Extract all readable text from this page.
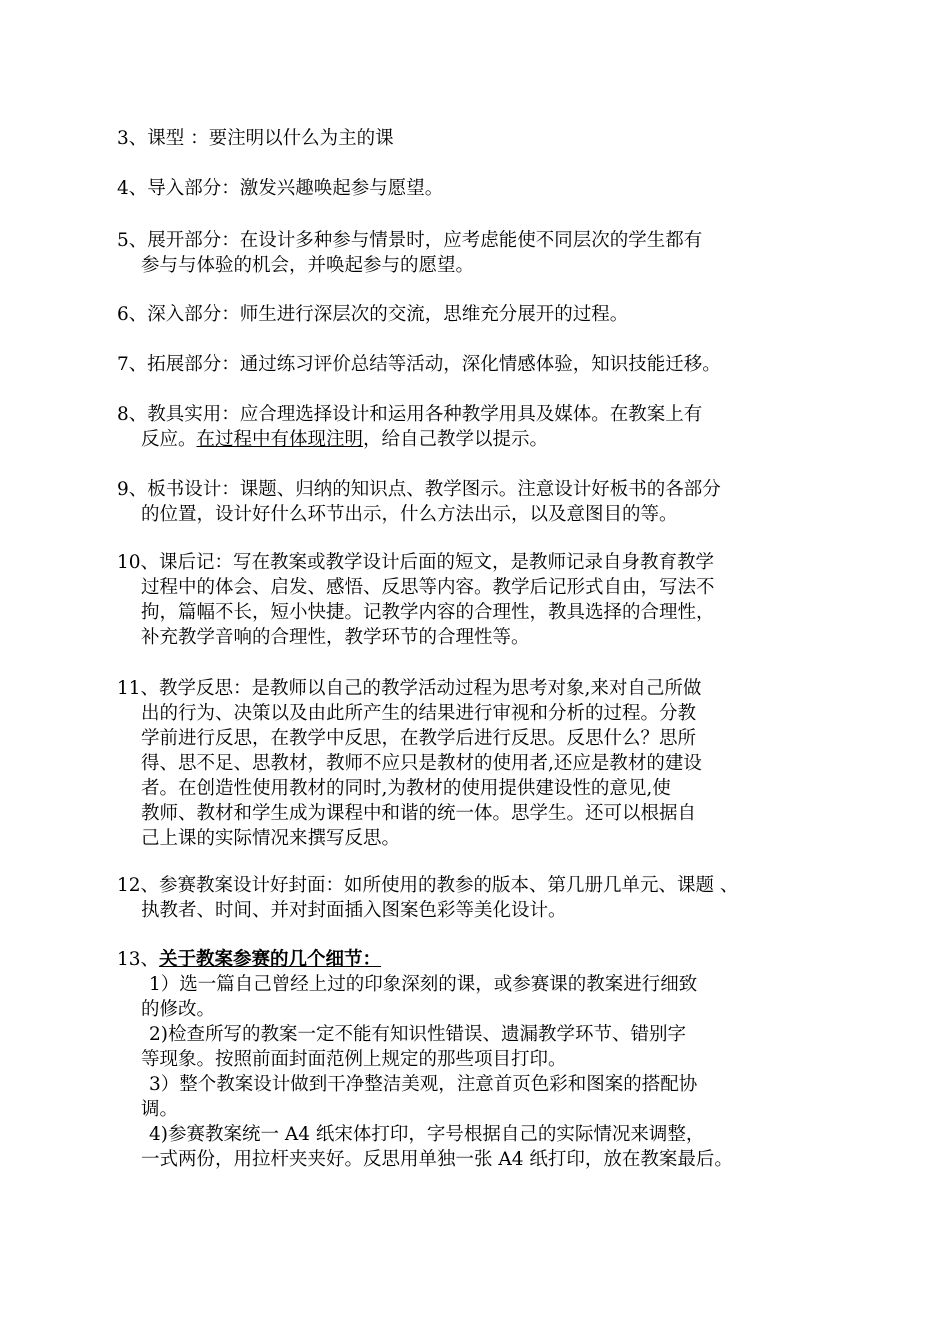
3、课型 ：要注明以什么为主的课
4、导入部分：激发兴趣唤起参与愿望。
5、展开部分：在设计多种参与情景时，应考虑能使不同层次的学生都有
参与与体验的机会，并唤起参与的愿望。
6、深入部分：师生进行深层次的交流，思维充分展开的过程。
7、拓展部分：通过练习评价总结等活动，深化情感体验，知识技能迁移。
8、教具实用：应合理选择设计和运用各种教学用具及媒体。在教案上有
反应。在过程中有体现注明，给自己教学以提示。
9、板书设计：课题、归纳的知识点、教学图示。注意设计好板书的各部分
的位置，设计好什么环节出示，什么方法出示，以及意图目的等。
10、课后记：写在教案或教学设计后面的短文，是教师记录自身教育教学
过程中的体会、启发、感悟、反思等内容。教学后记形式自由，写法不
拘，篇幅不长，短小快捷。记教学内容的合理性，教具选择的合理性，
补充教学音响的合理性，教学环节的合理性等。
11、教学反思：是教师以自己的教学活动过程为思考对象,来对自己所做
出的行为、决策以及由此所产生的结果进行审视和分析的过程。分教
学前进行反思，在教学中反思，在教学后进行反思。反思什么？思所
得、思不足、思教材，教师不应只是教材的使用者,还应是教材的建设
者。在创造性使用教材的同时,为教材的使用提供建设性的意见,使
教师、教材和学生成为课程中和谐的统一体。思学生。还可以根据自
己上课的实际情况来撰写反思。
12、参赛教案设计好封面：如所使用的教参的版本、第几册几单元、课题 、
执教者、时间、并对封面插入图案色彩等美化设计。
13、关于教案参赛的几个细节：
1）选一篇自己曾经上过的印象深刻的课，或参赛课的教案进行细致
的修改。
2)检查所写的教案一定不能有知识性错误、遗漏教学环节、错别字
等现象。按照前面封面范例上规定的那些项目打印。
3）整个教案设计做到干净整洁美观，注意首页色彩和图案的搭配协
调。
4)参赛教案统一 A4 纸宋体打印，字号根据自己的实际情况来调整，
一式两份，用拉杆夹夹好。反思用单独一张 A4 纸打印，放在教案最后。
